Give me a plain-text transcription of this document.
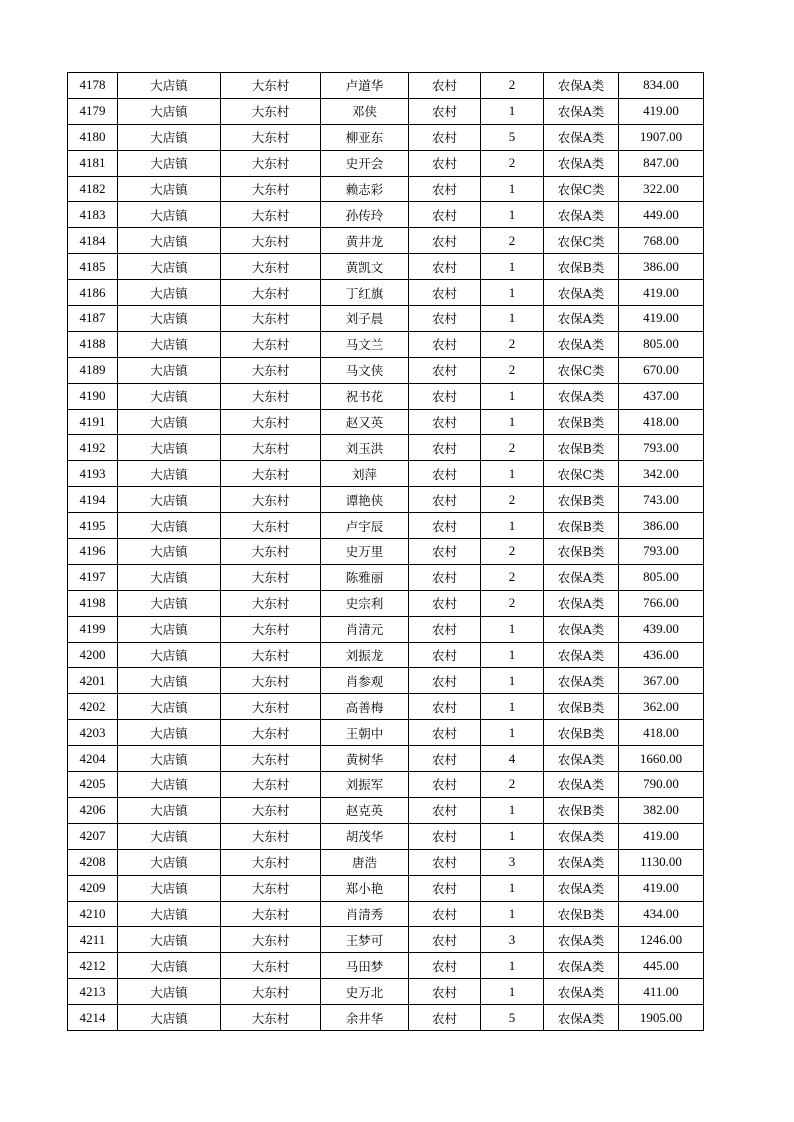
4178	大店镇	大东村	卢道华	农村	2	农保A类	834.00
4179	大店镇	大东村	邓侠	农村	1	农保A类	419.00
4180	大店镇	大东村	柳亚东	农村	5	农保A类	1907.00
4181	大店镇	大东村	史开会	农村	2	农保A类	847.00
4182	大店镇	大东村	赖志彩	农村	1	农保C类	322.00
4183	大店镇	大东村	孙传玲	农村	1	农保A类	449.00
4184	大店镇	大东村	黄井龙	农村	2	农保C类	768.00
4185	大店镇	大东村	黄凯文	农村	1	农保B类	386.00
4186	大店镇	大东村	丁红旗	农村	1	农保A类	419.00
4187	大店镇	大东村	刘子晨	农村	1	农保A类	419.00
4188	大店镇	大东村	马文兰	农村	2	农保A类	805.00
4189	大店镇	大东村	马文侠	农村	2	农保C类	670.00
4190	大店镇	大东村	祝书花	农村	1	农保A类	437.00
4191	大店镇	大东村	赵又英	农村	1	农保B类	418.00
4192	大店镇	大东村	刘玉洪	农村	2	农保B类	793.00
4193	大店镇	大东村	刘萍	农村	1	农保C类	342.00
4194	大店镇	大东村	谭艳侠	农村	2	农保B类	743.00
4195	大店镇	大东村	卢宇辰	农村	1	农保B类	386.00
4196	大店镇	大东村	史万里	农村	2	农保B类	793.00
4197	大店镇	大东村	陈雅丽	农村	2	农保A类	805.00
4198	大店镇	大东村	史宗利	农村	2	农保A类	766.00
4199	大店镇	大东村	肖清元	农村	1	农保A类	439.00
4200	大店镇	大东村	刘振龙	农村	1	农保A类	436.00
4201	大店镇	大东村	肖参观	农村	1	农保A类	367.00
4202	大店镇	大东村	高善梅	农村	1	农保B类	362.00
4203	大店镇	大东村	王朝中	农村	1	农保B类	418.00
4204	大店镇	大东村	黄树华	农村	4	农保A类	1660.00
4205	大店镇	大东村	刘振军	农村	2	农保A类	790.00
4206	大店镇	大东村	赵克英	农村	1	农保B类	382.00
4207	大店镇	大东村	胡茂华	农村	1	农保A类	419.00
4208	大店镇	大东村	唐浩	农村	3	农保A类	1130.00
4209	大店镇	大东村	郑小艳	农村	1	农保A类	419.00
4210	大店镇	大东村	肖清秀	农村	1	农保B类	434.00
4211	大店镇	大东村	王梦可	农村	3	农保A类	1246.00
4212	大店镇	大东村	马田梦	农村	1	农保A类	445.00
4213	大店镇	大东村	史万北	农村	1	农保A类	411.00
4214	大店镇	大东村	余井华	农村	5	农保A类	1905.00
